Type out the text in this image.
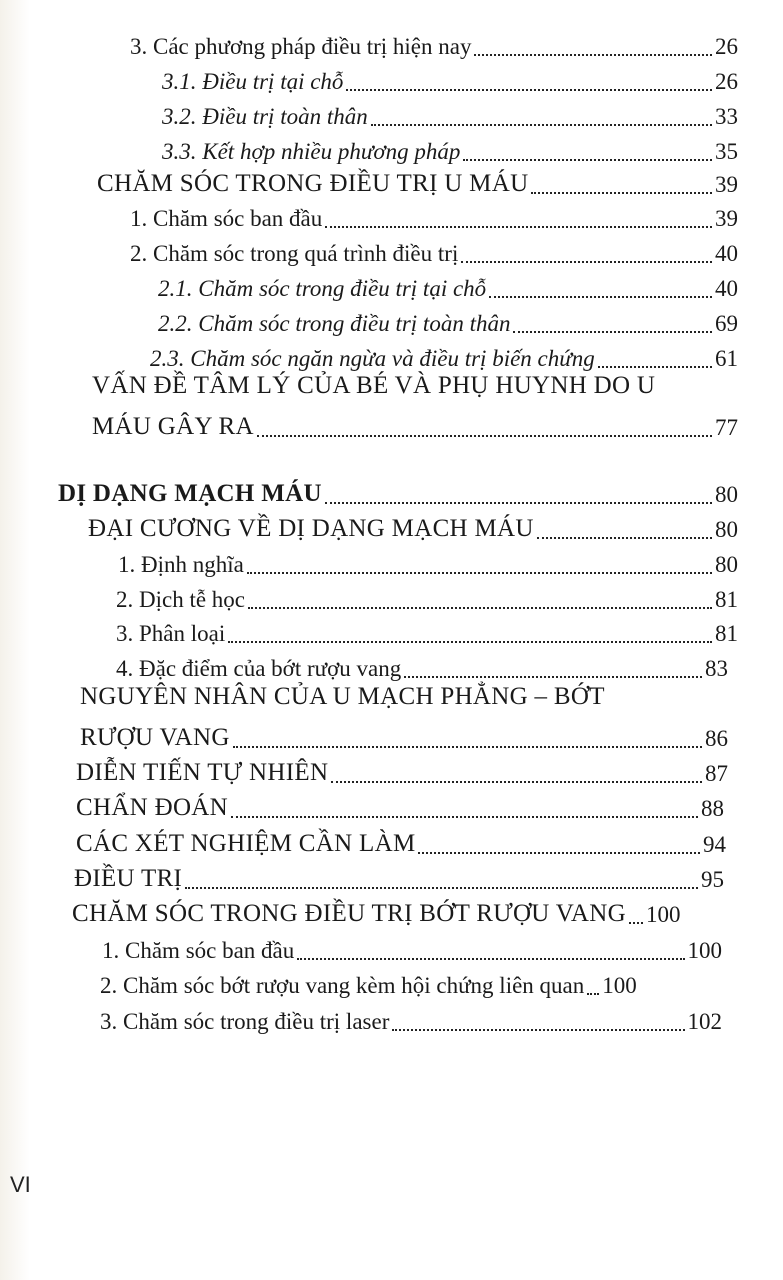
3. Các phương pháp điều trị hiện nay	26
3.1. Điều trị tại chỗ	26
3.2. Điều trị toàn thân	33
3.3. Kết hợp nhiều phương pháp	35
CHĂM SÓC TRONG ĐIỀU TRỊ U MÁU	39
1. Chăm sóc ban đầu	39
2. Chăm sóc trong quá trình điều trị	40
2.1. Chăm sóc trong điều trị tại chỗ	40
2.2. Chăm sóc trong điều trị toàn thân	69
2.3. Chăm sóc ngăn ngừa và điều trị biến chứng	61
VẤN ĐỀ TÂM LÝ CỦA BÉ VÀ PHỤ HUYNH DO U
MÁU GÂY RA	77
DỊ DẠNG MẠCH MÁU	80
ĐẠI CƯƠNG VỀ DỊ DẠNG MẠCH MÁU	80
1. Định nghĩa	80
2. Dịch tễ học	81
3. Phân loại	81
4. Đặc điểm của bớt rượu vang	83
NGUYÊN NHÂN CỦA U MẠCH PHẲNG – BỚT
RƯỢU VANG	86
DIỄN TIẾN TỰ NHIÊN	87
CHẨN ĐOÁN	88
CÁC XÉT NGHIỆM CẦN LÀM	94
ĐIỀU TRỊ	95
CHĂM SÓC TRONG ĐIỀU TRỊ BỚT RƯỢU VANG 100
1. Chăm sóc ban đầu	100
2. Chăm sóc bớt rượu vang kèm hội chứng liên quan 100
3. Chăm sóc trong điều trị laser	102
VI
